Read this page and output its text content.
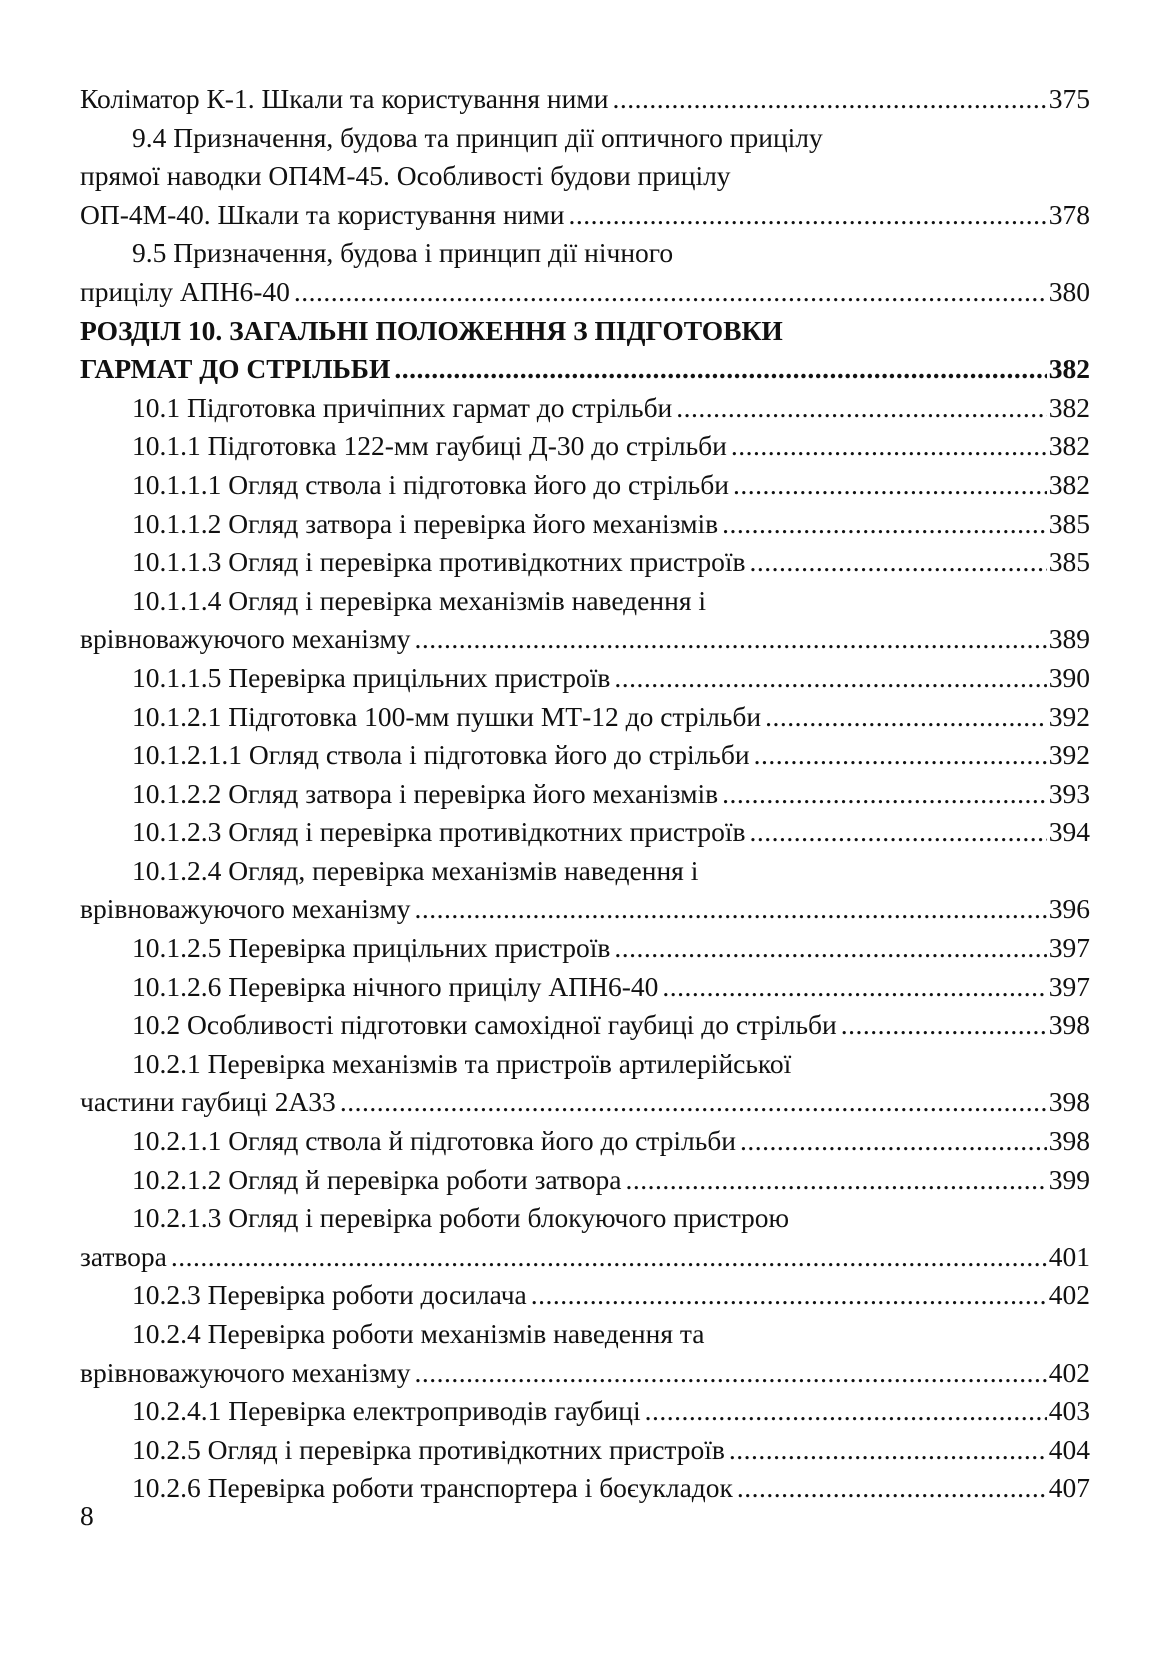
Коліматор К-1. Шкали та користування ними .....	375
9.4 Призначення, будова та принцип дії оптичного прицілу
прямої наводки ОП4М-45. Особливості будови прицілу
ОП-4М-40. Шкали та користування ними .....	378
9.5 Призначення, будова і принцип дії нічного
прицілу АПН6-40 .....	380
РОЗДІЛ 10. ЗАГАЛЬНІ ПОЛОЖЕННЯ З ПІДГОТОВКИ
ГАРМАТ ДО СТРІЛЬБИ .....	382
10.1 Підготовка причіпних гармат до стрільби .....	382
10.1.1 Підготовка 122-мм гаубиці Д-30 до стрільби .....	382
10.1.1.1 Огляд ствола і підготовка його до стрільби .....	382
10.1.1.2 Огляд затвора і перевірка його механізмів .....	385
10.1.1.3 Огляд і перевірка противідкотних пристроїв .....	385
10.1.1.4 Огляд і перевірка механізмів наведення і
врівноважуючого механізму .....	389
10.1.1.5 Перевірка прицільних пристроїв .....	390
10.1.2.1 Підготовка 100-мм пушки МТ-12 до стрільби .....	392
10.1.2.1.1 Огляд ствола і підготовка його до стрільби .....	392
10.1.2.2 Огляд затвора і перевірка його механізмів .....	393
10.1.2.3 Огляд і перевірка противідкотних пристроїв .....	394
10.1.2.4 Огляд, перевірка механізмів наведення і
врівноважуючого механізму .....	396
10.1.2.5 Перевірка прицільних пристроїв .....	397
10.1.2.6 Перевірка нічного прицілу АПН6-40 .....	397
10.2 Особливості підготовки самохідної гаубиці до стрільби .....	398
10.2.1 Перевірка механізмів та пристроїв артилерійської
частини гаубиці 2А33 .....	398
10.2.1.1 Огляд ствола й підготовка його до стрільби .....	398
10.2.1.2 Огляд й перевірка роботи затвора .....	399
10.2.1.3 Огляд і перевірка роботи блокуючого пристрою
затвора .....	401
10.2.3 Перевірка роботи досилача .....	402
10.2.4 Перевірка роботи механізмів наведення та
врівноважуючого механізму .....	402
10.2.4.1 Перевірка електроприводів гаубиці .....	403
10.2.5 Огляд і перевірка противідкотних пристроїв .....	404
10.2.6 Перевірка роботи транспортера і боєукладок .....	407
8
